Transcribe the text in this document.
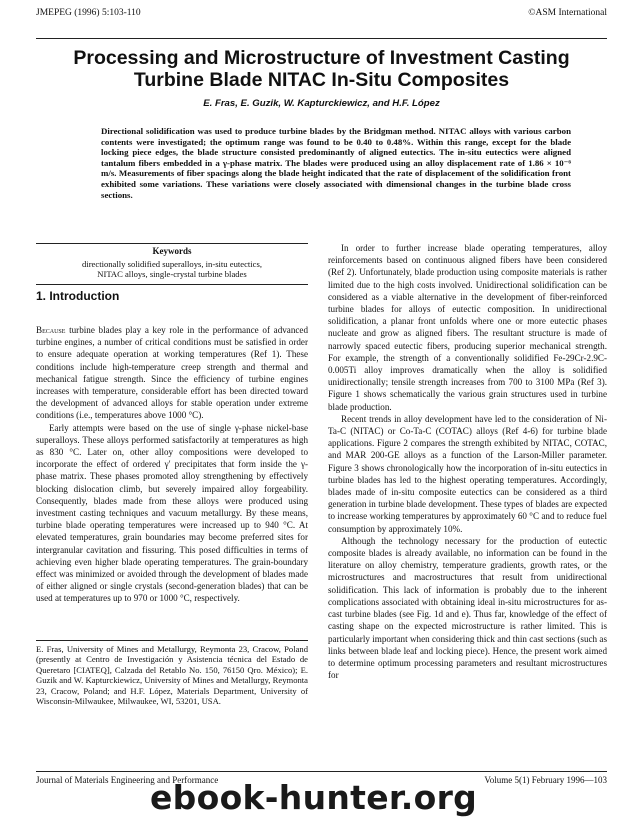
JMEPEG (1996) 5:103-110	©ASM International
Processing and Microstructure of Investment Casting Turbine Blade NITAC In-Situ Composites
E. Fras, E. Guzik, W. Kapturckiewicz, and H.F. López
Directional solidification was used to produce turbine blades by the Bridgman method. NITAC alloys with various carbon contents were investigated; the optimum range was found to be 0.40 to 0.48%. Within this range, except for the blade locking piece edges, the blade structure consisted predominantly of aligned eutectics. The in-situ eutectics were aligned tantalum fibers embedded in a γ-phase matrix. The blades were produced using an alloy displacement rate of 1.86 × 10⁻⁶ m/s. Measurements of fiber spacings along the blade height indicated that the rate of displacement of the solidification front exhibited some variations. These variations were closely associated with dimensional changes in the turbine blade cross sections.
Keywords
directionally solidified superalloys, in-situ eutectics,
NITAC alloys, single-crystal turbine blades
1. Introduction

Because turbine blades play a key role in the performance of advanced turbine engines, a number of critical conditions must be satisfied in order to ensure adequate operation at working temperatures (Ref 1). These conditions include high-temperature creep strength and thermal and mechanical fatigue strength. Since the efficiency of turbine engines increases with temperature, considerable effort has been directed toward the development of advanced alloys for stable operation under extreme conditions (i.e., temperatures above 1000 °C).

Early attempts were based on the use of single γ-phase nickel-base superalloys. These alloys performed satisfactorily at temperatures as high as 830 °C. Later on, other alloy compositions were developed to incorporate the effect of ordered γ′ precipitates that form inside the γ-phase matrix. These phases promoted alloy strengthening by effectively blocking dislocation climb, but severely impaired alloy forgeability. Consequently, blades made from these alloys were produced using investment casting techniques and vacuum metallurgy. By these means, turbine blade operating temperatures were increased up to 940 °C. At elevated temperatures, grain boundaries may become preferred sites for intergranular cavitation and fissuring. This posed difficulties in terms of achieving even higher blade operating temperatures. The grain-boundary effect was minimized or avoided through the development of blades made of either aligned or single crystals (second-generation blades) that can be used at temperatures up to 970 or 1000 °C, respectively.

E. Fras, University of Mines and Metallurgy, Reymonta 23, Cracow, Poland (presently at Centro de Investigación y Asistencia técnica del Estado de Queretaro [CIATEQ], Calzada del Retablo No. 150, 76150 Qro. México); E. Guzik and W. Kapturckiewicz, University of Mines and Metallurgy, Reymonta 23, Cracow, Poland; and H.F. López, Materials Department, University of Wisconsin-Milwaukee, Milwaukee, WI, 53201, USA.

In order to further increase blade operating temperatures, alloy reinforcements based on continuous aligned fibers have been considered (Ref 2). Unfortunately, blade production using composite materials is rather limited due to the high costs involved. Unidirectional solidification can be considered as a viable alternative in the development of fiber-reinforced turbine blades for alloys of eutectic composition. In unidirectional solidification, a planar front unfolds where one or more eutectic phases nucleate and grow as aligned fibers. The resultant structure is made of narrowly spaced eutectic fibers, producing superior mechanical strength. For example, the strength of a conventionally solidified Fe-29Cr-2.9C-0.005Ti alloy improves dramatically when the alloy is solidified unidirectionally; tensile strength increases from 700 to 3100 MPa (Ref 3). Figure 1 shows schematically the various grain structures used in turbine blade production.

Recent trends in alloy development have led to the consideration of Ni-Ta-C (NITAC) or Co-Ta-C (COTAC) alloys (Ref 4-6) for turbine blade applications. Figure 2 compares the strength exhibited by NITAC, COTAC, and MAR 200-GE alloys as a function of the Larson-Miller parameter. Figure 3 shows chronologically how the incorporation of in-situ eutectics in turbine blades has led to the highest operating temperatures. Accordingly, blades made of in-situ composite eutectics can be considered as a third generation in turbine blade development. These types of blades are expected to increase working temperatures by approximately 60 °C and to reduce fuel consumption by approximately 10%.

Although the technology necessary for the production of eutectic composite blades is already available, no information can be found in the literature on alloy chemistry, temperature gradients, growth rates, or the microstructures and macrostructures that result from unidirectional solidification. This lack of information is probably due to the inherent complications associated with obtaining ideal in-situ microstructures for as-cast turbine blades (see Fig. 1d and e). Thus far, knowledge of the effect of casting shape on the expected microstructure is rather limited. This is particularly important when considering thick and thin cast sections (such as links between blade leaf and locking piece). Hence, the present work aimed to determine optimum processing parameters and resultant microstructures for

Journal of Materials Engineering and Performance	Volume 5(1) February 1996—103
ebook-hunter.org
